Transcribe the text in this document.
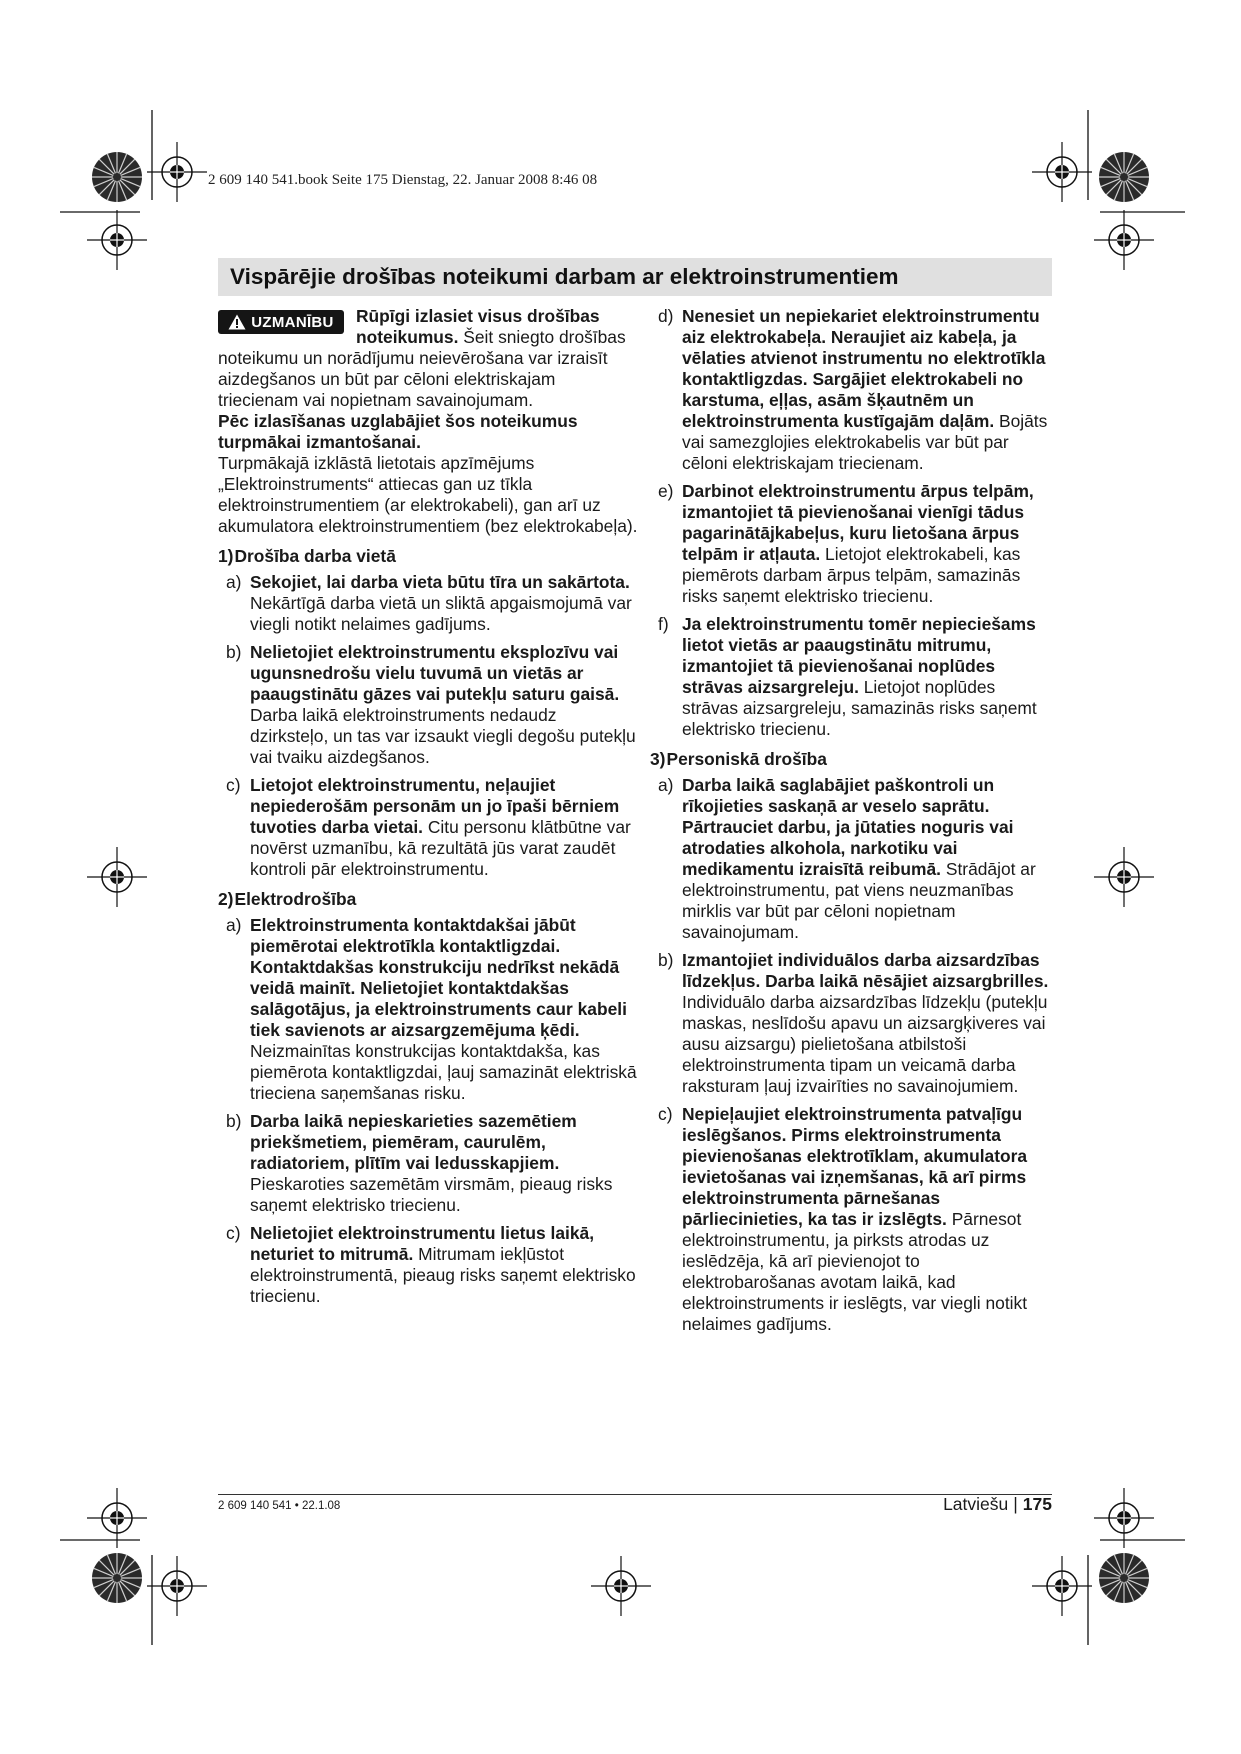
2 609 140 541.book Seite 175 Dienstag, 22. Januar 2008 8:46 08
Vispārējie drošības noteikumi darbam ar elektroinstrumentiem
UZMANĪBU	Rūpīgi izlasiet visus drošības noteikumus. Šeit sniegto drošības noteikumu un norādījumu neievērošana var izraisīt aizdegšanos un būt par cēloni elektriskajam triecienam vai nopietnam savainojumam.

Pēc izlasīšanas uzglabājiet šos noteikumus turpmākai izmantošanai.

Turpmākajā izklāstā lietotais apzīmējums „Elektroinstruments“ attiecas gan uz tīkla elektroinstrumentiem (ar elektrokabeli), gan arī uz akumulatora elektroinstrumentiem (bez elektrokabeļa).

1)Drošība darba vietā
a) Sekojiet, lai darba vieta būtu tīra un sakārtota. Nekārtīgā darba vietā un sliktā apgaismojumā var viegli notikt nelaimes gadījums.
b) Nelietojiet elektroinstrumentu eksplozīvu vai ugunsnedrošu vielu tuvumā un vietās ar paaugstinātu gāzes vai putekļu saturu gaisā. Darba laikā elektroinstruments nedaudz dzirksteļo, un tas var izsaukt viegli degošu putekļu vai tvaiku aizdegšanos.
c) Lietojot elektroinstrumentu, neļaujiet nepiederošām personām un jo īpaši bērniem tuvoties darba vietai. Citu personu klātbūtne var novērst uzmanību, kā rezultātā jūs varat zaudēt kontroli pār elektroinstrumentu.
2)Elektrodrošība
a) Elektroinstrumenta kontaktdakšai jābūt piemērotai elektrotīkla kontaktligzdai. Kontaktdakšas konstrukciju nedrīkst nekādā veidā mainīt. Nelietojiet kontaktdakšas salāgotājus, ja elektroinstruments caur kabeli tiek savienots ar aizsargzemējuma ķēdi. Neizmainītas konstrukcijas kontaktdakša, kas piemērota kontaktligzdai, ļauj samazināt elektriskā trieciena saņemšanas risku.
b) Darba laikā nepieskarieties sazemētiem priekšmetiem, piemēram, caurulēm, radiatoriem, plītīm vai ledusskapjiem. Pieskaroties sazemētām virsmām, pieaug risks saņemt elektrisko triecienu.
c) Nelietojiet elektroinstrumentu lietus laikā, neturiet to mitrumā. Mitrumam iekļūstot elektroinstrumentā, pieaug risks saņemt elektrisko triecienu.
d) Nenesiet un nepiekariet elektroinstrumentu aiz elektrokabeļa. Neraujiet aiz kabeļa, ja vēlaties atvienot instrumentu no elektrotīkla kontaktligzdas. Sargājiet elektrokabeli no karstuma, eļļas, asām šķautnēm un elektroinstrumenta kustīgajām daļām. Bojāts vai samezglojies elektrokabelis var būt par cēloni elektriskajam triecienam.
e) Darbinot elektroinstrumentu ārpus telpām, izmantojiet tā pievienošanai vienīgi tādus pagarinātājkabeļus, kuru lietošana ārpus telpām ir atļauta. Lietojot elektrokabeli, kas piemērots darbam ārpus telpām, samazinās risks saņemt elektrisko triecienu.
f) Ja elektroinstrumentu tomēr nepieciešams lietot vietās ar paaugstinātu mitrumu, izmantojiet tā pievienošanai noplūdes strāvas aizsargreleju. Lietojot noplūdes strāvas aizsargreleju, samazinās risks saņemt elektrisko triecienu.
3)Personiskā drošība
a) Darba laikā saglabājiet paškontroli un rīkojieties saskaņā ar veselo saprātu. Pārtrauciet darbu, ja jūtaties noguris vai atrodaties alkohola, narkotiku vai medikamentu izraisītā reibumā. Strādājot ar elektroinstrumentu, pat viens neuzmanības mirklis var būt par cēloni nopietnam savainojumam.
b) Izmantojiet individuālos darba aizsardzības līdzekļus. Darba laikā nēsājiet aizsargbrilles. Individuālo darba aizsardzības līdzekļu (putekļu maskas, neslīdošu apavu un aizsargķiveres vai ausu aizsargu) pielietošana atbilstoši elektroinstrumenta tipam un veicamā darba raksturam ļauj izvairīties no savainojumiem.
c) Nepieļaujiet elektroinstrumenta patvaļīgu ieslēgšanos. Pirms elektroinstrumenta pievienošanas elektrotīklam, akumulatora ievietošanas vai izņemšanas, kā arī pirms elektroinstrumenta pārnešanas pārliecinieties, ka tas ir izslēgts. Pārnesot elektroinstrumentu, ja pirksts atrodas uz ieslēdzēja, kā arī pievienojot to elektrobarošanas avotam laikā, kad elektroinstruments ir ieslēgts, var viegli notikt nelaimes gadījums.
2 609 140 541 • 22.1.08	Latviešu | 175
